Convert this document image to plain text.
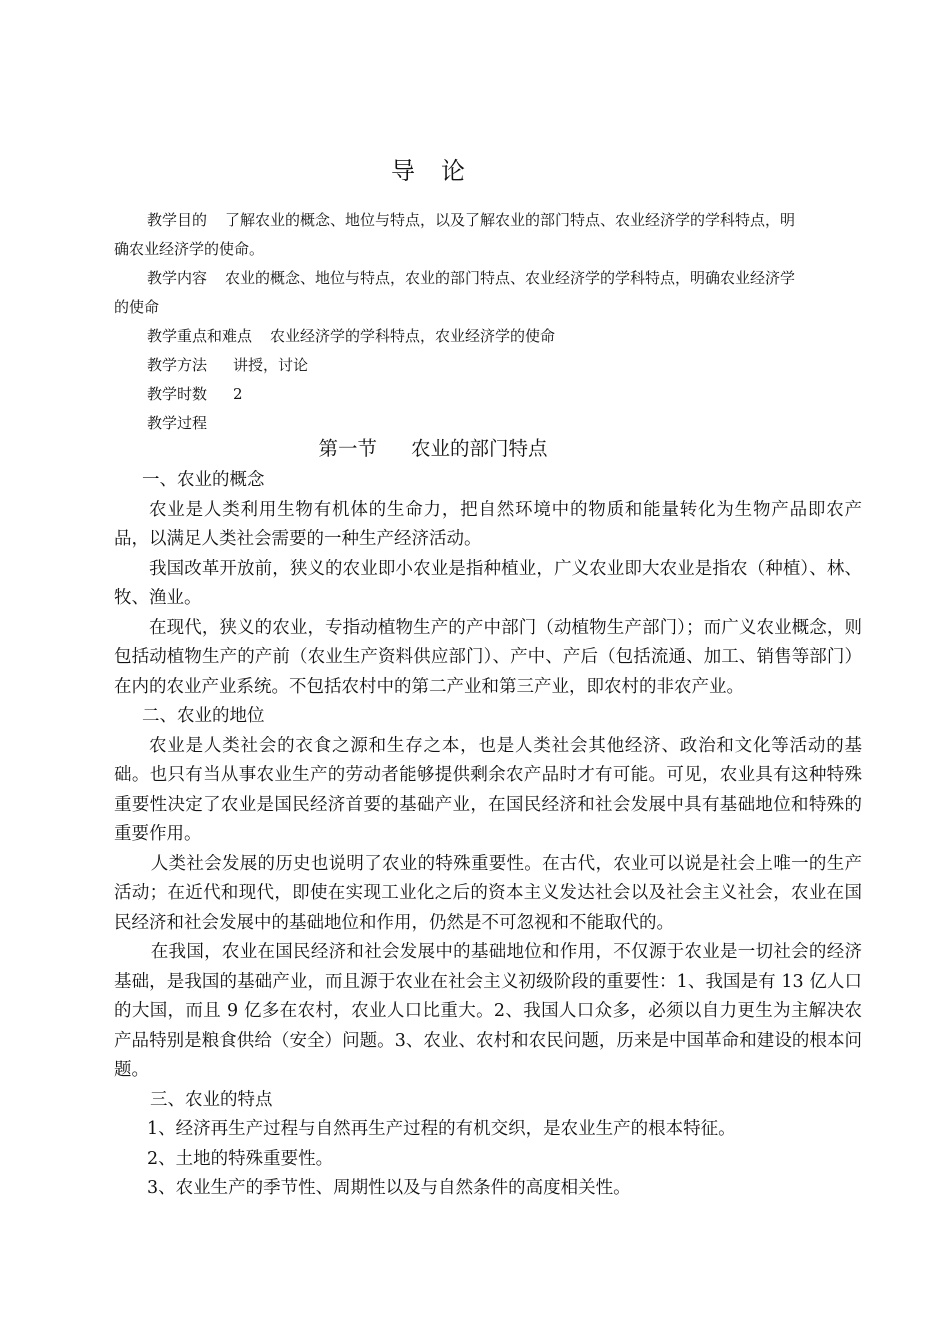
导论

教学目的 了解农业的概念、地位与特点，以及了解农业的部门特点、农业经济学的学科特点，明

确农业经济学的使命。

教学内容 农业的概念、地位与特点，农业的部门特点、农业经济学的学科特点，明确农业经济学

的使命

教学重点和难点 农业经济学的学科特点，农业经济学的使命

教学方法 讲授，讨论

教学时数 2

教学过程

第一节 农业的部门特点

一、农业的概念

农业是人类利用生物有机体的生命力，把自然环境中的物质和能量转化为生物产品即农产品，以满足人类社会需要的一种生产经济活动。

我国改革开放前，狭义的农业即小农业是指种植业，广义农业即大农业是指农（种植）、林、牧、渔业。

在现代，狭义的农业，专指动植物生产的产中部门（动植物生产部门）；而广义农业概念，则包括动植物生产的产前（农业生产资料供应部门）、产中、产后（包括流通、加工、销售等部门）在内的农业产业系统。不包括农村中的第二产业和第三产业，即农村的非农产业。

二、农业的地位

农业是人类社会的衣食之源和生存之本，也是人类社会其他经济、政治和文化等活动的基础。也只有当从事农业生产的劳动者能够提供剩余农产品时才有可能。可见，农业具有这种特殊重要性决定了农业是国民经济首要的基础产业，在国民经济和社会发展中具有基础地位和特殊的重要作用。

人类社会发展的历史也说明了农业的特殊重要性。在古代，农业可以说是社会上唯一的生产活动；在近代和现代，即使在实现工业化之后的资本主义发达社会以及社会主义社会，农业在国民经济和社会发展中的基础地位和作用，仍然是不可忽视和不能取代的。

在我国，农业在国民经济和社会发展中的基础地位和作用，不仅源于农业是一切社会的经济基础，是我国的基础产业，而且源于农业在社会主义初级阶段的重要性：1、我国是有 13 亿人口的大国，而且 9 亿多在农村，农业人口比重大。2、我国人口众多，必须以自力更生为主解决农产品特别是粮食供给（安全）问题。3、农业、农村和农民问题，历来是中国革命和建设的根本问题。

三、农业的特点

1、经济再生产过程与自然再生产过程的有机交织，是农业生产的根本特征。

2、土地的特殊重要性。

3、农业生产的季节性、周期性以及与自然条件的高度相关性。
